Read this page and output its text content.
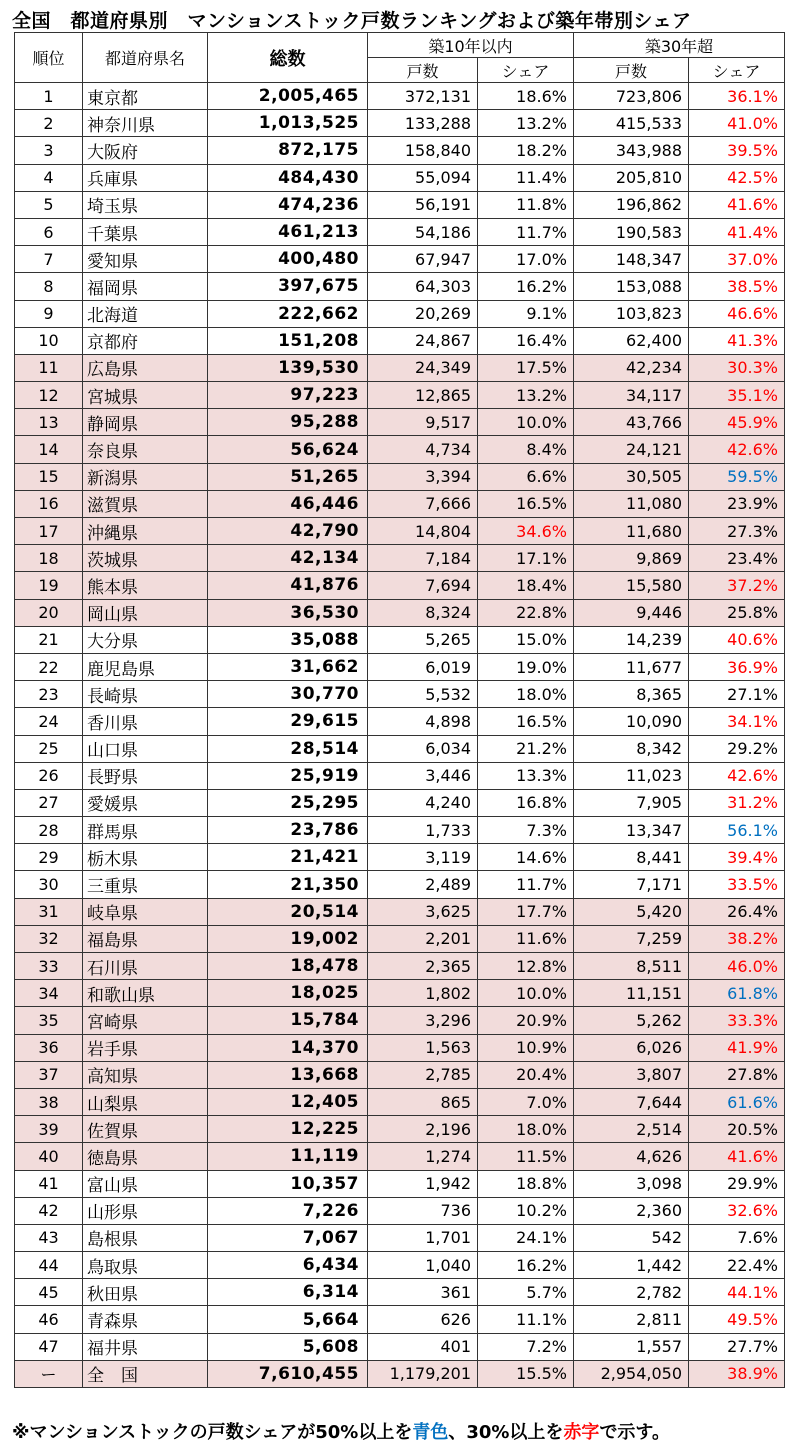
全国　都道府県別　マンションストック戸数ランキングおよび築年帯別シェア
順位	都道府県名	総数	築10年以内		築30年超	
			戸数	シェア	戸数	シェア
1	東京都	2,005,465	372,131	18.6%	723,806	36.1%
2	神奈川県	1,013,525	133,288	13.2%	415,533	41.0%
3	大阪府	872,175	158,840	18.2%	343,988	39.5%
4	兵庫県	484,430	55,094	11.4%	205,810	42.5%
5	埼玉県	474,236	56,191	11.8%	196,862	41.6%
6	千葉県	461,213	54,186	11.7%	190,583	41.4%
7	愛知県	400,480	67,947	17.0%	148,347	37.0%
8	福岡県	397,675	64,303	16.2%	153,088	38.5%
9	北海道	222,662	20,269	9.1%	103,823	46.6%
10	京都府	151,208	24,867	16.4%	62,400	41.3%
11	広島県	139,530	24,349	17.5%	42,234	30.3%
12	宮城県	97,223	12,865	13.2%	34,117	35.1%
13	静岡県	95,288	9,517	10.0%	43,766	45.9%
14	奈良県	56,624	4,734	8.4%	24,121	42.6%
15	新潟県	51,265	3,394	6.6%	30,505	59.5%
16	滋賀県	46,446	7,666	16.5%	11,080	23.9%
17	沖縄県	42,790	14,804	34.6%	11,680	27.3%
18	茨城県	42,134	7,184	17.1%	9,869	23.4%
19	熊本県	41,876	7,694	18.4%	15,580	37.2%
20	岡山県	36,530	8,324	22.8%	9,446	25.8%
21	大分県	35,088	5,265	15.0%	14,239	40.6%
22	鹿児島県	31,662	6,019	19.0%	11,677	36.9%
23	長崎県	30,770	5,532	18.0%	8,365	27.1%
24	香川県	29,615	4,898	16.5%	10,090	34.1%
25	山口県	28,514	6,034	21.2%	8,342	29.2%
26	長野県	25,919	3,446	13.3%	11,023	42.6%
27	愛媛県	25,295	4,240	16.8%	7,905	31.2%
28	群馬県	23,786	1,733	7.3%	13,347	56.1%
29	栃木県	21,421	3,119	14.6%	8,441	39.4%
30	三重県	21,350	2,489	11.7%	7,171	33.5%
31	岐阜県	20,514	3,625	17.7%	5,420	26.4%
32	福島県	19,002	2,201	11.6%	7,259	38.2%
33	石川県	18,478	2,365	12.8%	8,511	46.0%
34	和歌山県	18,025	1,802	10.0%	11,151	61.8%
35	宮崎県	15,784	3,296	20.9%	5,262	33.3%
36	岩手県	14,370	1,563	10.9%	6,026	41.9%
37	高知県	13,668	2,785	20.4%	3,807	27.8%
38	山梨県	12,405	865	7.0%	7,644	61.6%
39	佐賀県	12,225	2,196	18.0%	2,514	20.5%
40	徳島県	11,119	1,274	11.5%	4,626	41.6%
41	富山県	10,357	1,942	18.8%	3,098	29.9%
42	山形県	7,226	736	10.2%	2,360	32.6%
43	島根県	7,067	1,701	24.1%	542	7.6%
44	鳥取県	6,434	1,040	16.2%	1,442	22.4%
45	秋田県	6,314	361	5.7%	2,782	44.1%
46	青森県	5,664	626	11.1%	2,811	49.5%
47	福井県	5,608	401	7.2%	1,557	27.7%
ー	全　国	7,610,455	1,179,201	15.5%	2,954,050	38.9%
※マンションストックの戸数シェアが50%以上を青色、30%以上を赤字で示す。
